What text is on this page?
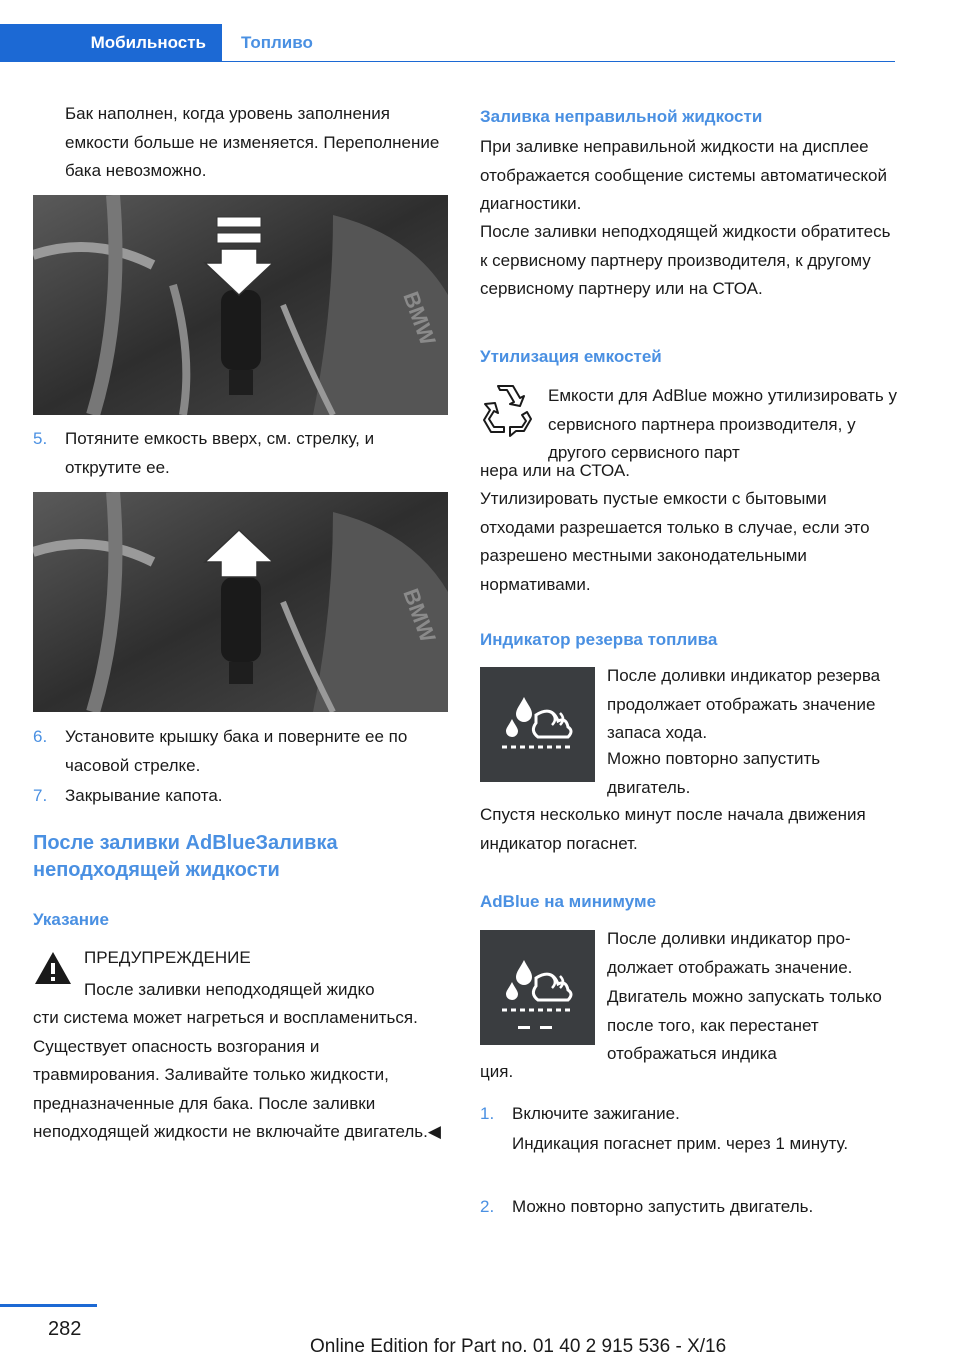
Мобильность	Топливо

Бак наполнен, когда уровень заполнения емкости больше не изменяется. Переполнение бака невозможно.

BMW
5. Потяните емкость вверх, см. стрелку, и открутите ее.
BMW
6. Установите крышку бака и поверните ее по часовой стрелке.
7. Закрывание капота.
После заливки AdBlueЗаливка неподходящей жидкости
Указание
ПРЕДУПРЕЖДЕНИЕ
После заливки неподходящей жидко
сти система может нагреться и воспламениться. Существует опасность возгорания и травмирования. Заливайте только жидкости, предназначенные для бака. После заливки неподходящей жидкости не включайте двигатель.◀
Заливка неправильной жидкости
При заливке неправильной жидкости на дисплее отображается сообщение системы автоматической диагностики.
После заливки неподходящей жидкости обратитесь к сервисному партнеру производителя, к другому сервисному партнеру или на СТОА.
Утилизация емкостей
Емкости для AdBlue можно утилизировать у сервисного партнера производителя, у другого сервисного парт
нера или на СТОА.
Утилизировать пустые емкости с бытовыми отходами разрешается только в случае, если это разрешено местными законодательными нормативами.
Индикатор резерва топлива
После доливки индикатор резерва продолжает отображать значение запаса хода.
Можно повторно запустить двигатель.
Спустя несколько минут после начала движения индикатор погаснет.
AdBlue на минимуме
После доливки индикатор продолжает отображать значение.
Двигатель можно запускать только после того, как перестанет отображаться индика
ция.
1. Включите зажигание.
Индикация погаснет прим. через 1 минуту.
2. Можно повторно запустить двигатель.
282
Online Edition for Part no. 01 40 2 915 536 - X/16
